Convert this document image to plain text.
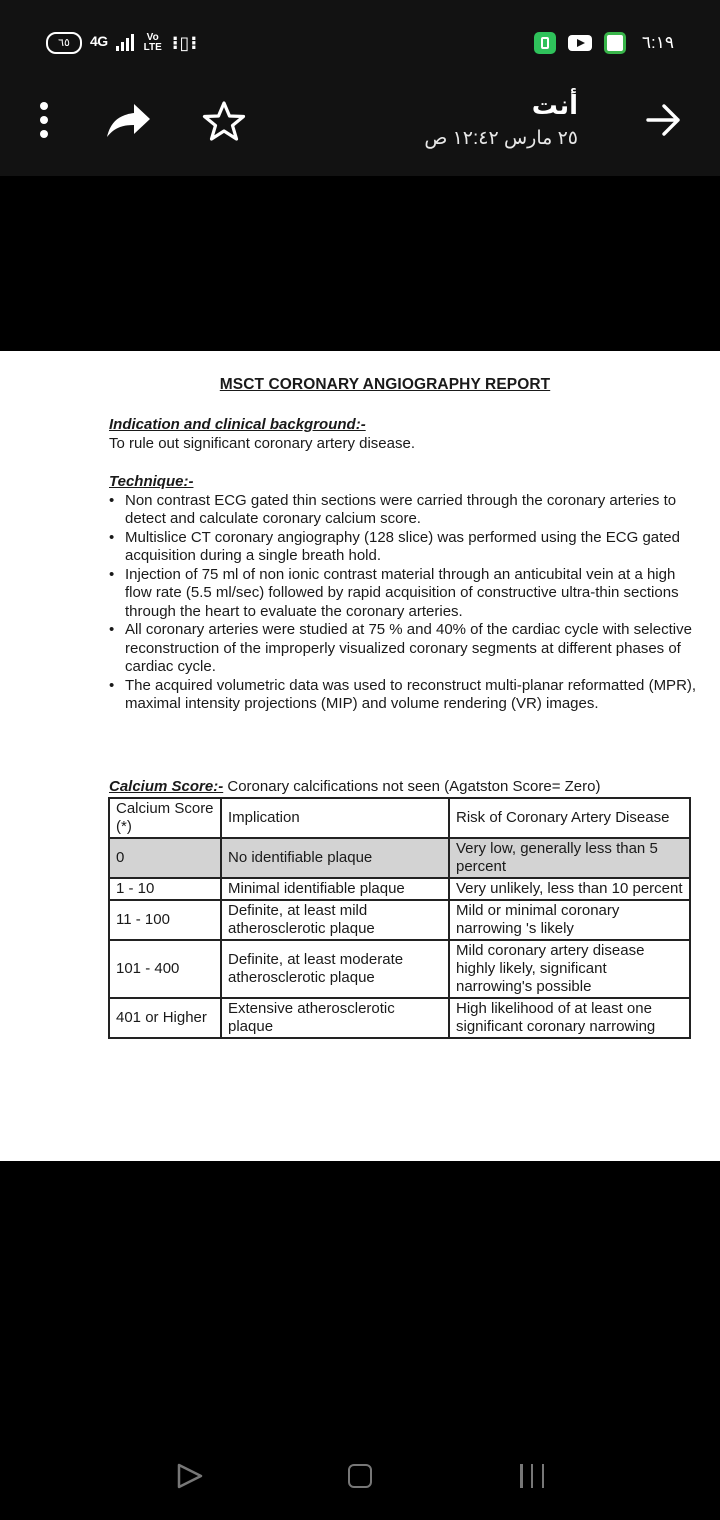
٦٥	4G	Vo LTE ⁝▯⁝	٦:١٩
أنت
٢٥ مارس ١٢:٤٢ ص
MSCT CORONARY ANGIOGRAPHY REPORT
Indication and clinical background:-
To rule out significant coronary artery disease.
Technique:-
• Non contrast ECG gated thin sections were carried through the coronary arteries to detect and calculate coronary calcium score.
• Multislice CT coronary angiography (128 slice) was performed using the ECG gated acquisition during a single breath hold.
• Injection of 75 ml of non ionic contrast material through an anticubital vein at a high flow rate (5.5 ml/sec) followed by rapid acquisition of constructive ultra-thin sections through the heart to evaluate the coronary arteries.
• All coronary arteries were studied at 75 % and 40% of the cardiac cycle with selective reconstruction of the improperly visualized coronary segments at different phases of cardiac cycle.
• The acquired volumetric data was used to reconstruct multi-planar reformatted (MPR), maximal intensity projections (MIP) and volume rendering (VR) images.
Calcium Score:- Coronary calcifications not seen (Agatston Score= Zero)
Calcium Score (*)	Implication	Risk of Coronary Artery Disease
0	No identifiable plaque	Very low, generally less than 5 percent
1 - 10	Minimal identifiable plaque	Very unlikely, less than 10 percent
11 - 100	Definite, at least mild atherosclerotic plaque	Mild or minimal coronary narrowing 's likely
101 - 400	Definite, at least moderate atherosclerotic plaque	Mild coronary artery disease highly likely, significant narrowing's possible
401 or Higher	Extensive atherosclerotic plaque	High likelihood of at least one significant coronary narrowing
